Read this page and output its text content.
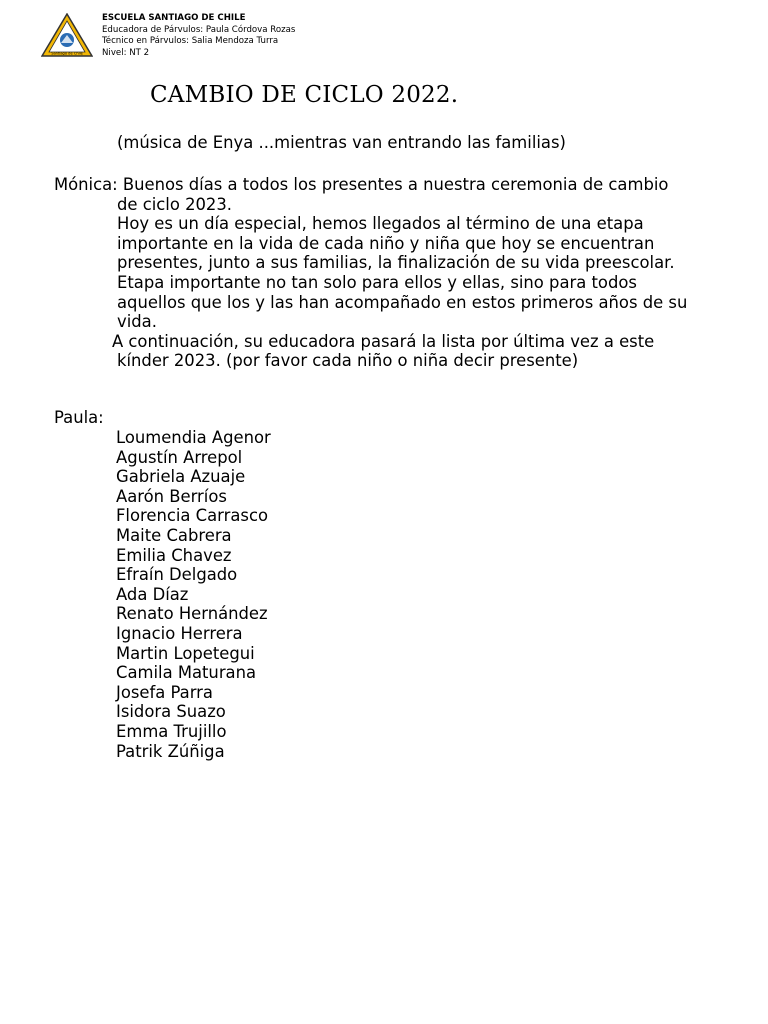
Santiago de Chile
ESCUELA SANTIAGO DE CHILE
Educadora de Párvulos: Paula Córdova Rozas
Técnico en Párvulos: Salia Mendoza Turra
Nivel: NT 2
CAMBIO DE CICLO 2022.
(música de Enya ...mientras van entrando las familias)
Mónica: Buenos días a todos los presentes a nuestra ceremonia de cambio
de ciclo 2023.
Hoy es un día especial, hemos llegados al término de una etapa
importante en la vida de cada niño y niña que hoy se encuentran
presentes, junto a sus familias, la finalización de su vida preescolar.
Etapa importante no tan solo para ellos y ellas, sino para todos
aquellos que los y las han acompañado en estos primeros años de su
vida.
A continuación, su educadora pasará la lista por última vez a este
kínder 2023. (por favor cada niño o niña decir presente)
Paula:
Loumendia Agenor
Agustín Arrepol
Gabriela Azuaje
Aarón Berríos
Florencia Carrasco
Maite Cabrera
Emilia Chavez
Efraín Delgado
Ada Díaz
Renato Hernández
Ignacio Herrera
Martin Lopetegui
Camila Maturana
Josefa Parra
Isidora Suazo
Emma Trujillo
Patrik Zúñiga
